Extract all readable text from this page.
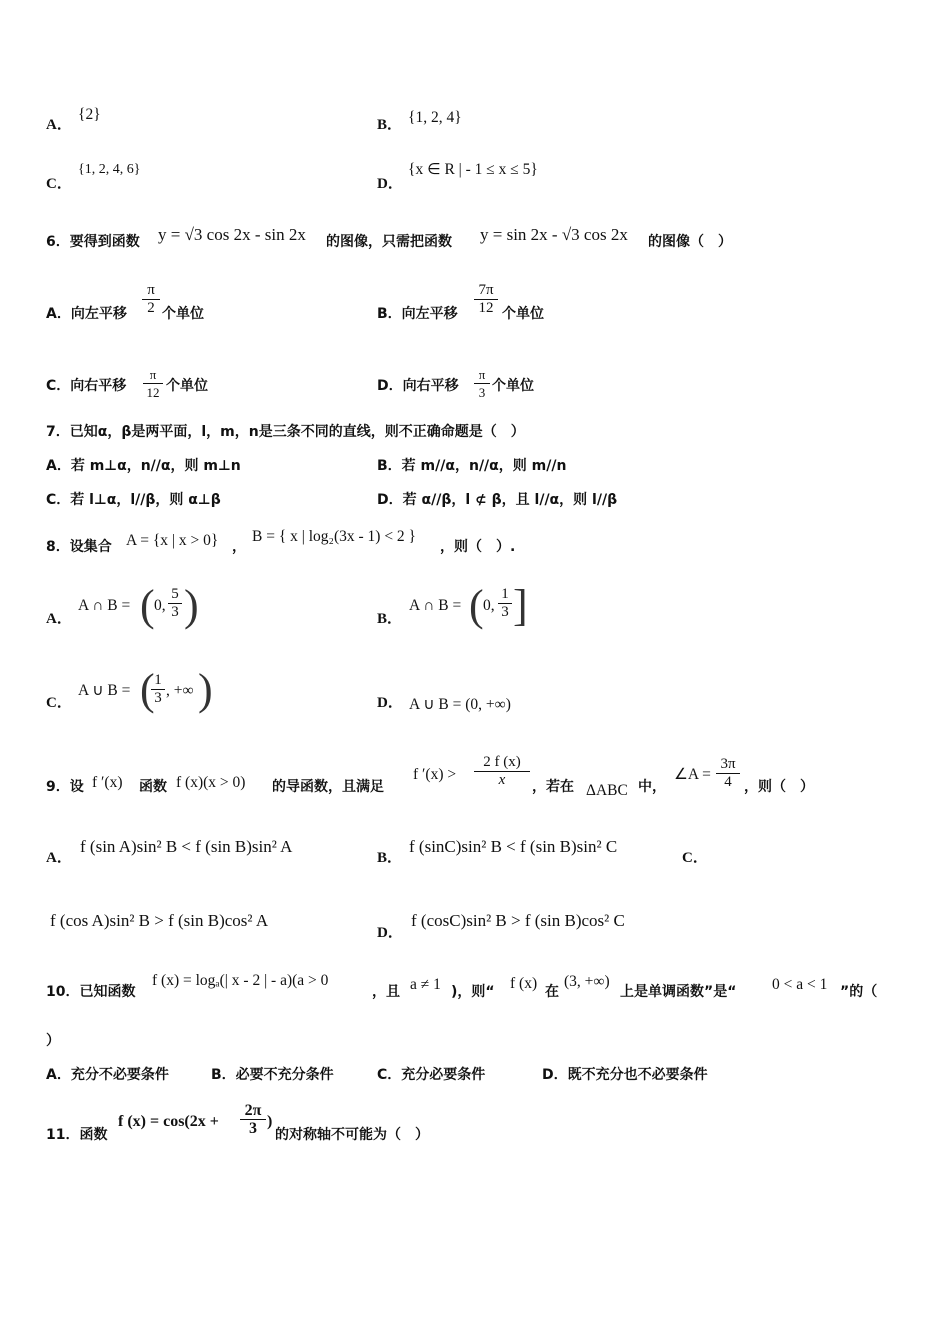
A．
{2}
B． {1, 2, 4}
C．
{1, 2, 4, 6}
D．
{x ∈ R | - 1 ≤ x ≤ 5}
6．要得到函数 y = √3 cos 2x - sin 2x 的图像，只需把函数 y = sin 2x - √3 cos 2x 的图像（　）
A．向左平移 $\frac{\pi}{2}$ 个单位	B．向左平移 $\frac{7\pi}{12}$ 个单位
C．向右平移 $\frac{\pi}{12}$ 个单位	D．向右平移 $\frac{\pi}{3}$ 个单位
7．已知α，β是两平面，l，m，n是三条不同的直线，则不正确命题是（　）
A．若 m⊥α，n//α，则 m⊥n	B．若 m//α，n//α，则 m//n
C．若 l⊥α，l//β，则 α⊥β	D．若 α//β，l ⊄ β，且 l//α，则 l//β
8．设集合 A = {x | x > 0} ，
B = { x | log₂(3x - 1) < 2 }
，则（　）.
A．
A ∩ B = ( 0, $\frac{5}{3}$ )	B．
A ∩ B = ( 0, $\frac{1}{3}$ ]
C．
A ∪ B = (
$\frac{1}{3}$ , +∞ )	D． A ∪ B = (0, +∞)
9．设 f ′(x) 函数 f (x)(x > 0) 的导函数，且满足
f $'(x) > \frac{2 f (x)}{x}$ ，若在 ΔABC 中，
∠A = $\frac{3\pi}{4}$ ，则（　）
A．
f (sin A)sin² B < f (sin B)sin² A
B．
f (sinC)sin² B < f (sin B)sin² C
C．
f (cos A)sin² B > f (sin B)cos² A
D．
f (cosC)sin² B > f (sin B)cos² C
10．已知函数
f (x) = logₐ(| x - 2 | - a)(a > 0
，且 a ≠ 1 )，则“ f (x) 在
(3, +∞)
上是单调函数”是“ 0 < a < 1 ”的（
）
A．充分不必要条件	B．必要不充分条件	C．充分必要条件	D．既不充分也不必要条件
11．函数
f $(x) = \cos(2x + \frac{2\pi}{3}$ )
的对称轴不可能为（　）
